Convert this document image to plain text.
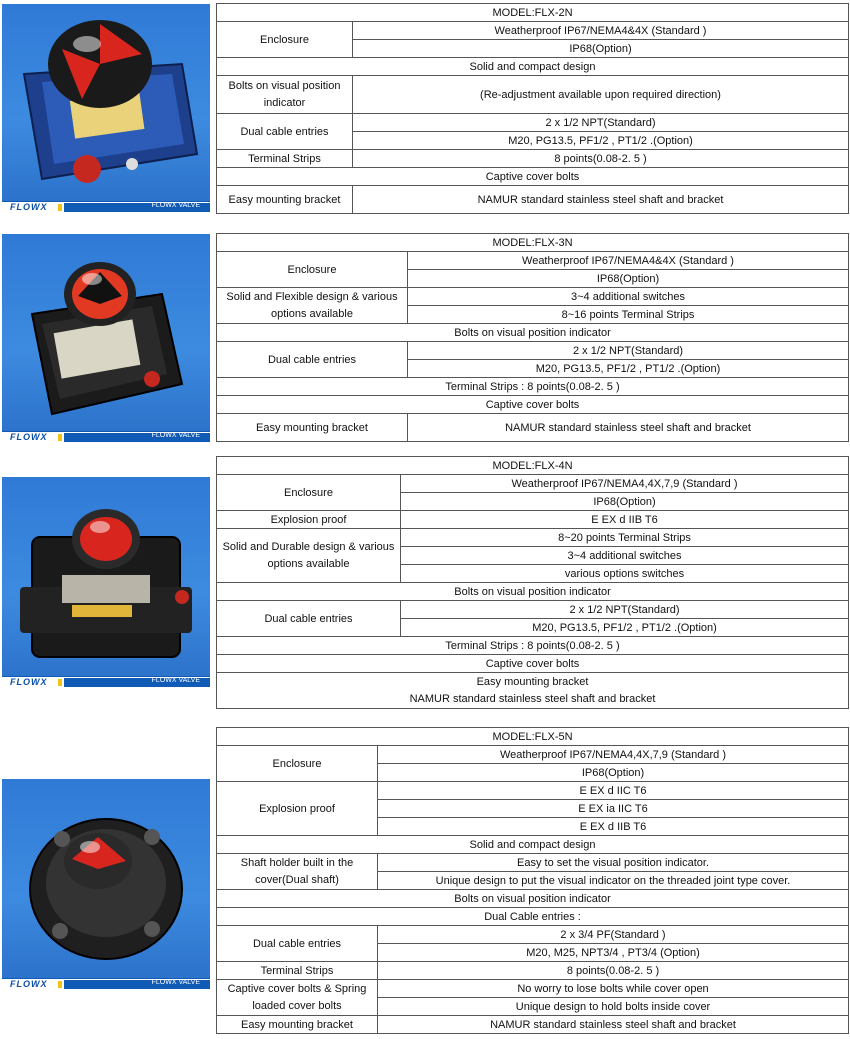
FLOWX	FLOWX VALVE
MODEL:FLX-2N	
Enclosure	Weatherproof IP67/NEMA4&4X (Standard )
	IP68(Option)
Solid and compact design	
Bolts on visual position indicator	(Re-adjustment available upon required direction)
Dual cable entries	2 x 1/2 NPT(Standard)
	M20, PG13.5, PF1/2 , PT1/2 .(Option)
Terminal Strips	8 points(0.08-2. 5 )
Captive cover bolts	
Easy mounting bracket	NAMUR standard stainless steel shaft and bracket
FLOWX	FLOWX VALVE
MODEL:FLX-3N	
Enclosure	Weatherproof IP67/NEMA4&4X (Standard )
	IP68(Option)
Solid and Flexible design & various options available	3~4 additional switches
	8~16 points Terminal Strips
Bolts on visual position indicator	
Dual cable entries	2 x 1/2 NPT(Standard)
	M20, PG13.5, PF1/2 , PT1/2 .(Option)
Terminal Strips : 8 points(0.08-2. 5 )	
Captive cover bolts	
Easy mounting bracket	NAMUR standard stainless steel shaft and bracket
FLOWX	FLOWX VALVE
MODEL:FLX-4N	
Enclosure	Weatherproof IP67/NEMA4,4X,7,9 (Standard )
	IP68(Option)
Explosion proof	E EX d IIB T6
Solid and Durable design & various options available	8~20 points Terminal Strips
	3~4 additional switches
	various options switches
Bolts on visual position indicator	
Dual cable entries	2 x 1/2 NPT(Standard)
	M20, PG13.5, PF1/2 , PT1/2 .(Option)
Terminal Strips : 8 points(0.08-2. 5 )	
Captive cover bolts	

Easy mounting bracket
NAMUR standard stainless steel shaft and bracket	
FLOWX	FLOWX VALVE
MODEL:FLX-5N	
Enclosure	Weatherproof IP67/NEMA4,4X,7,9 (Standard )
	IP68(Option)
Explosion proof	E EX d IIC T6
	E EX ia IIC T6
	E EX d IIB T6
Solid and compact design	
Shaft holder built in the cover(Dual shaft)	Easy to set the visual position indicator.
	Unique design to put the visual indicator on the threaded joint type cover.
Bolts on visual position indicator	
Dual Cable entries :	
Dual cable entries	2 x 3/4 PF(Standard )
	M20, M25, NPT3/4 , PT3/4 (Option)
Terminal Strips	8 points(0.08-2. 5 )
Captive cover bolts & Spring loaded cover bolts	No worry to lose bolts while cover open
	Unique design to hold bolts inside cover
Easy mounting bracket	NAMUR standard stainless steel shaft and bracket
